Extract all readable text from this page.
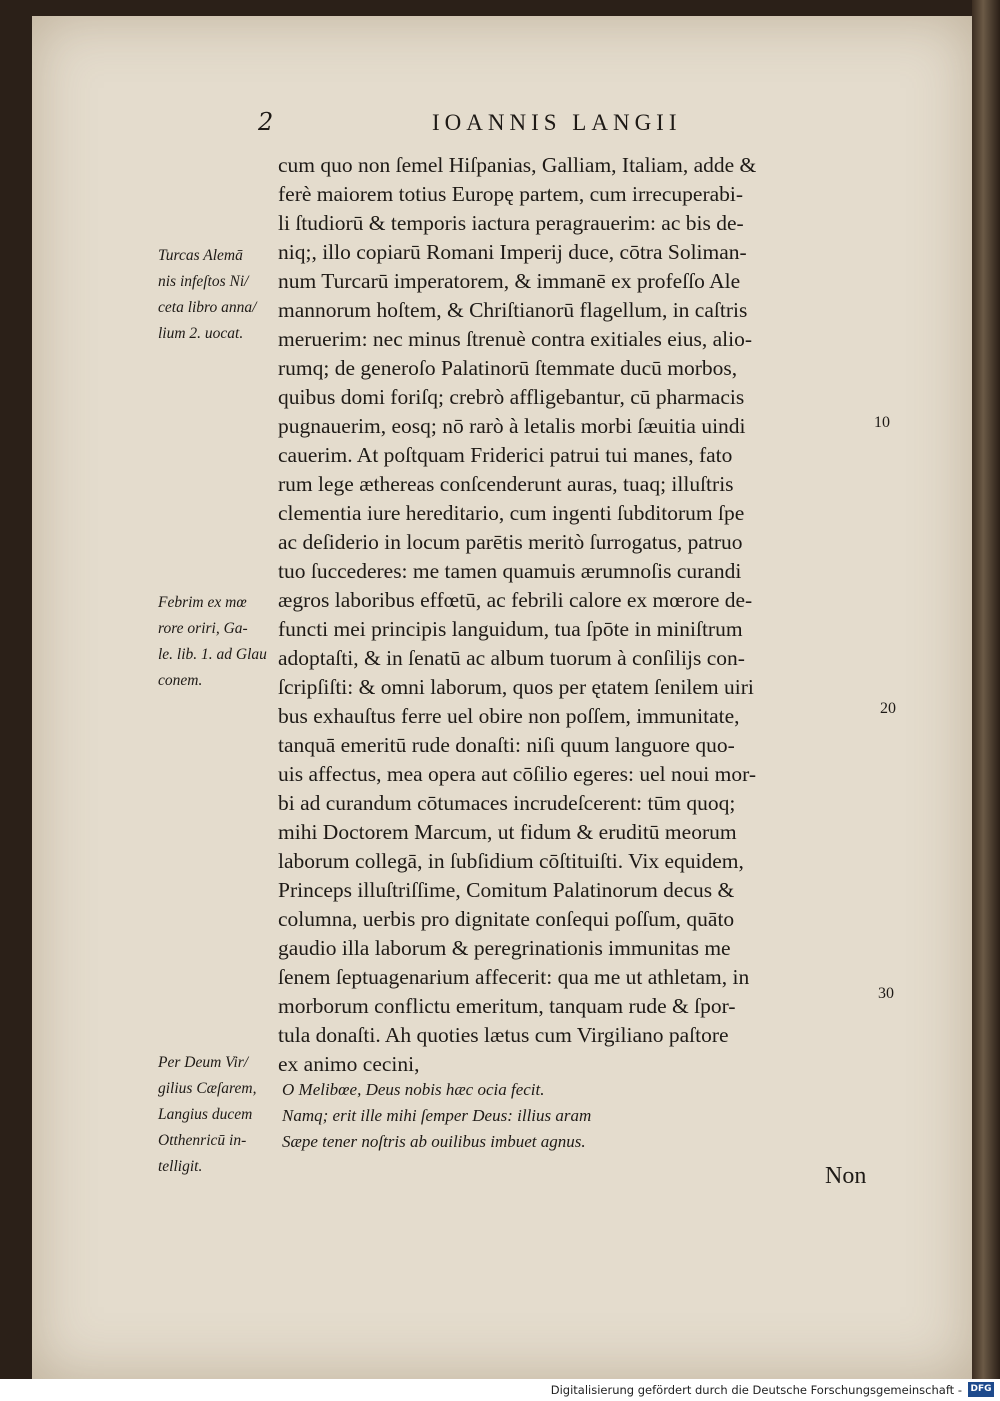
2	IOANNIS LANGII
cum quo non ſemel Hiſpanias, Galliam, Italiam, adde &
ferè maiorem totius Europę partem, cum irrecuperabi-
li ſtudiorū & temporis iactura peragrauerim: ac bis de-
niq;, illo copiarū Romani Imperij duce, cōtra Soliman-
num Turcarū imperatorem, & immanē ex profeſſo Ale
mannorum hoſtem, & Chriſtianorū flagellum, in caſtris
meruerim: nec minus ſtrenuè contra exitiales eius, alio-
rumq; de generoſo Palatinorū ſtemmate ducū morbos,
quibus domi foriſq; crebrò affligebantur, cū pharmacis
pugnauerim, eosq; nō rarò à letalis morbi ſæuitia uindi
cauerim. At poſtquam Friderici patrui tui manes, fato
rum lege æthereas conſcenderunt auras, tuaq; illuſtris
clementia iure hereditario, cum ingenti ſubditorum ſpe
ac deſiderio in locum parētis meritò ſurrogatus, patruo
tuo ſuccederes: me tamen quamuis ærumnoſis curandi
ægros laboribus effœtū, ac febrili calore ex mœrore de-
functi mei principis languidum, tua ſpōte in miniſtrum
adoptaſti, & in ſenatū ac album tuorum à conſilijs con-
ſcripſiſti: & omni laborum, quos per ętatem ſenilem uiri
bus exhauſtus ferre uel obire non poſſem, immunitate,
tanquā emeritū rude donaſti: niſi quum languore quo-
uis affectus, mea opera aut cōſilio egeres: uel noui mor-
bi ad curandum cōtumaces incrudeſcerent: tūm quoq;
mihi Doctorem Marcum, ut fidum & eruditū meorum
laborum collegā, in ſubſidium cōſtituiſti. Vix equidem,
Princeps illuſtriſſime, Comitum Palatinorum decus &
columna, uerbis pro dignitate conſequi poſſum, quāto
gaudio illa laborum & peregrinationis immunitas me
ſenem ſeptuagenarium affecerit: qua me ut athletam, in
morborum conflictu emeritum, tanquam rude & ſpor-
tula donaſti. Ah quoties lætus cum Virgiliano paſtore
ex animo cecini,
O Melibœe, Deus nobis hæc ocia fecit.
Namq; erit ille mihi ſemper Deus: illius aram
Sæpe tener noſtris ab ouilibus imbuet agnus.
Turcas Alemā
nis infeſtos Ni/
ceta libro anna/
lium 2. uocat.
Febrim ex mœ
rore oriri, Ga-
le. lib. 1. ad Glau
conem.
Per Deum Vir/
gilius Cæſarem,
Langius ducem
Otthenricū in-
telligit.
10
20
30
Non
Digitalisierung gefördert durch die Deutsche Forschungsgemeinschaft - DFG
